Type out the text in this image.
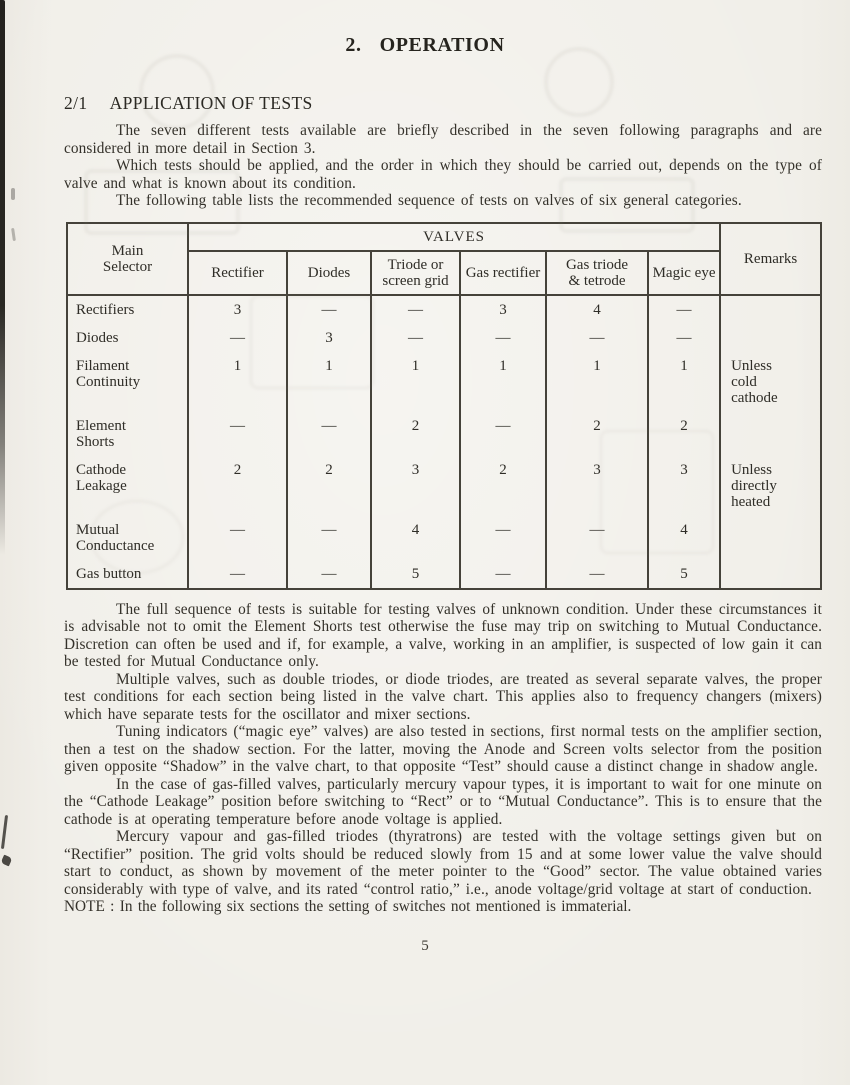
2. OPERATION
2/1 APPLICATION OF TESTS

The seven different tests available are briefly described in the seven following paragraphs and are considered in more detail in Section 3.

Which tests should be applied, and the order in which they should be carried out, depends on the type of valve and what is known about its condition.

The following table lists the recommended sequence of tests on valves of six general categories.

Main Selector	VALVES						Remarks
	Rectifier	Diodes	Triode or screen grid	Gas rectifier	Gas triode & tetrode	Magic eye	
Rectifiers	3	—	—	3	4	—	
Diodes	—	3	—	—	—	—	
Filament Continuity	1	1	1	1	1	1	Unless cold cathode
Element Shorts	—	—	2	—	2	2	
Cathode Leakage	2	2	3	2	3	3	Unless directly heated
Mutual Conductance	—	—	4	—	—	4	
Gas button	—	—	5	—	—	5	

The full sequence of tests is suitable for testing valves of unknown condition. Under these circumstances it is advisable not to omit the Element Shorts test otherwise the fuse may trip on switching to Mutual Conductance. Discretion can often be used and if, for example, a valve, working in an amplifier, is suspected of low gain it can be tested for Mutual Conductance only.

Multiple valves, such as double triodes, or diode triodes, are treated as several separate valves, the proper test conditions for each section being listed in the valve chart. This applies also to frequency changers (mixers) which have separate tests for the oscillator and mixer sections.

Tuning indicators (“magic eye” valves) are also tested in sections, first normal tests on the amplifier section, then a test on the shadow section. For the latter, moving the Anode and Screen volts selector from the position given opposite “Shadow” in the valve chart, to that opposite “Test” should cause a distinct change in shadow angle.

In the case of gas-filled valves, particularly mercury vapour types, it is important to wait for one minute on the “Cathode Leakage” position before switching to “Rect” or to “Mutual Conductance”. This is to ensure that the cathode is at operating temperature before anode voltage is applied.

Mercury vapour and gas-filled triodes (thyratrons) are tested with the voltage settings given but on “Rectifier” position. The grid volts should be reduced slowly from 15 and at some lower value the valve should start to conduct, as shown by movement of the meter pointer to the “Good” sector. The value obtained varies considerably with type of valve, and its rated “control ratio,” i.e., anode voltage/grid voltage at start of conduction.

NOTE : In the following six sections the setting of switches not mentioned is immaterial.

5
